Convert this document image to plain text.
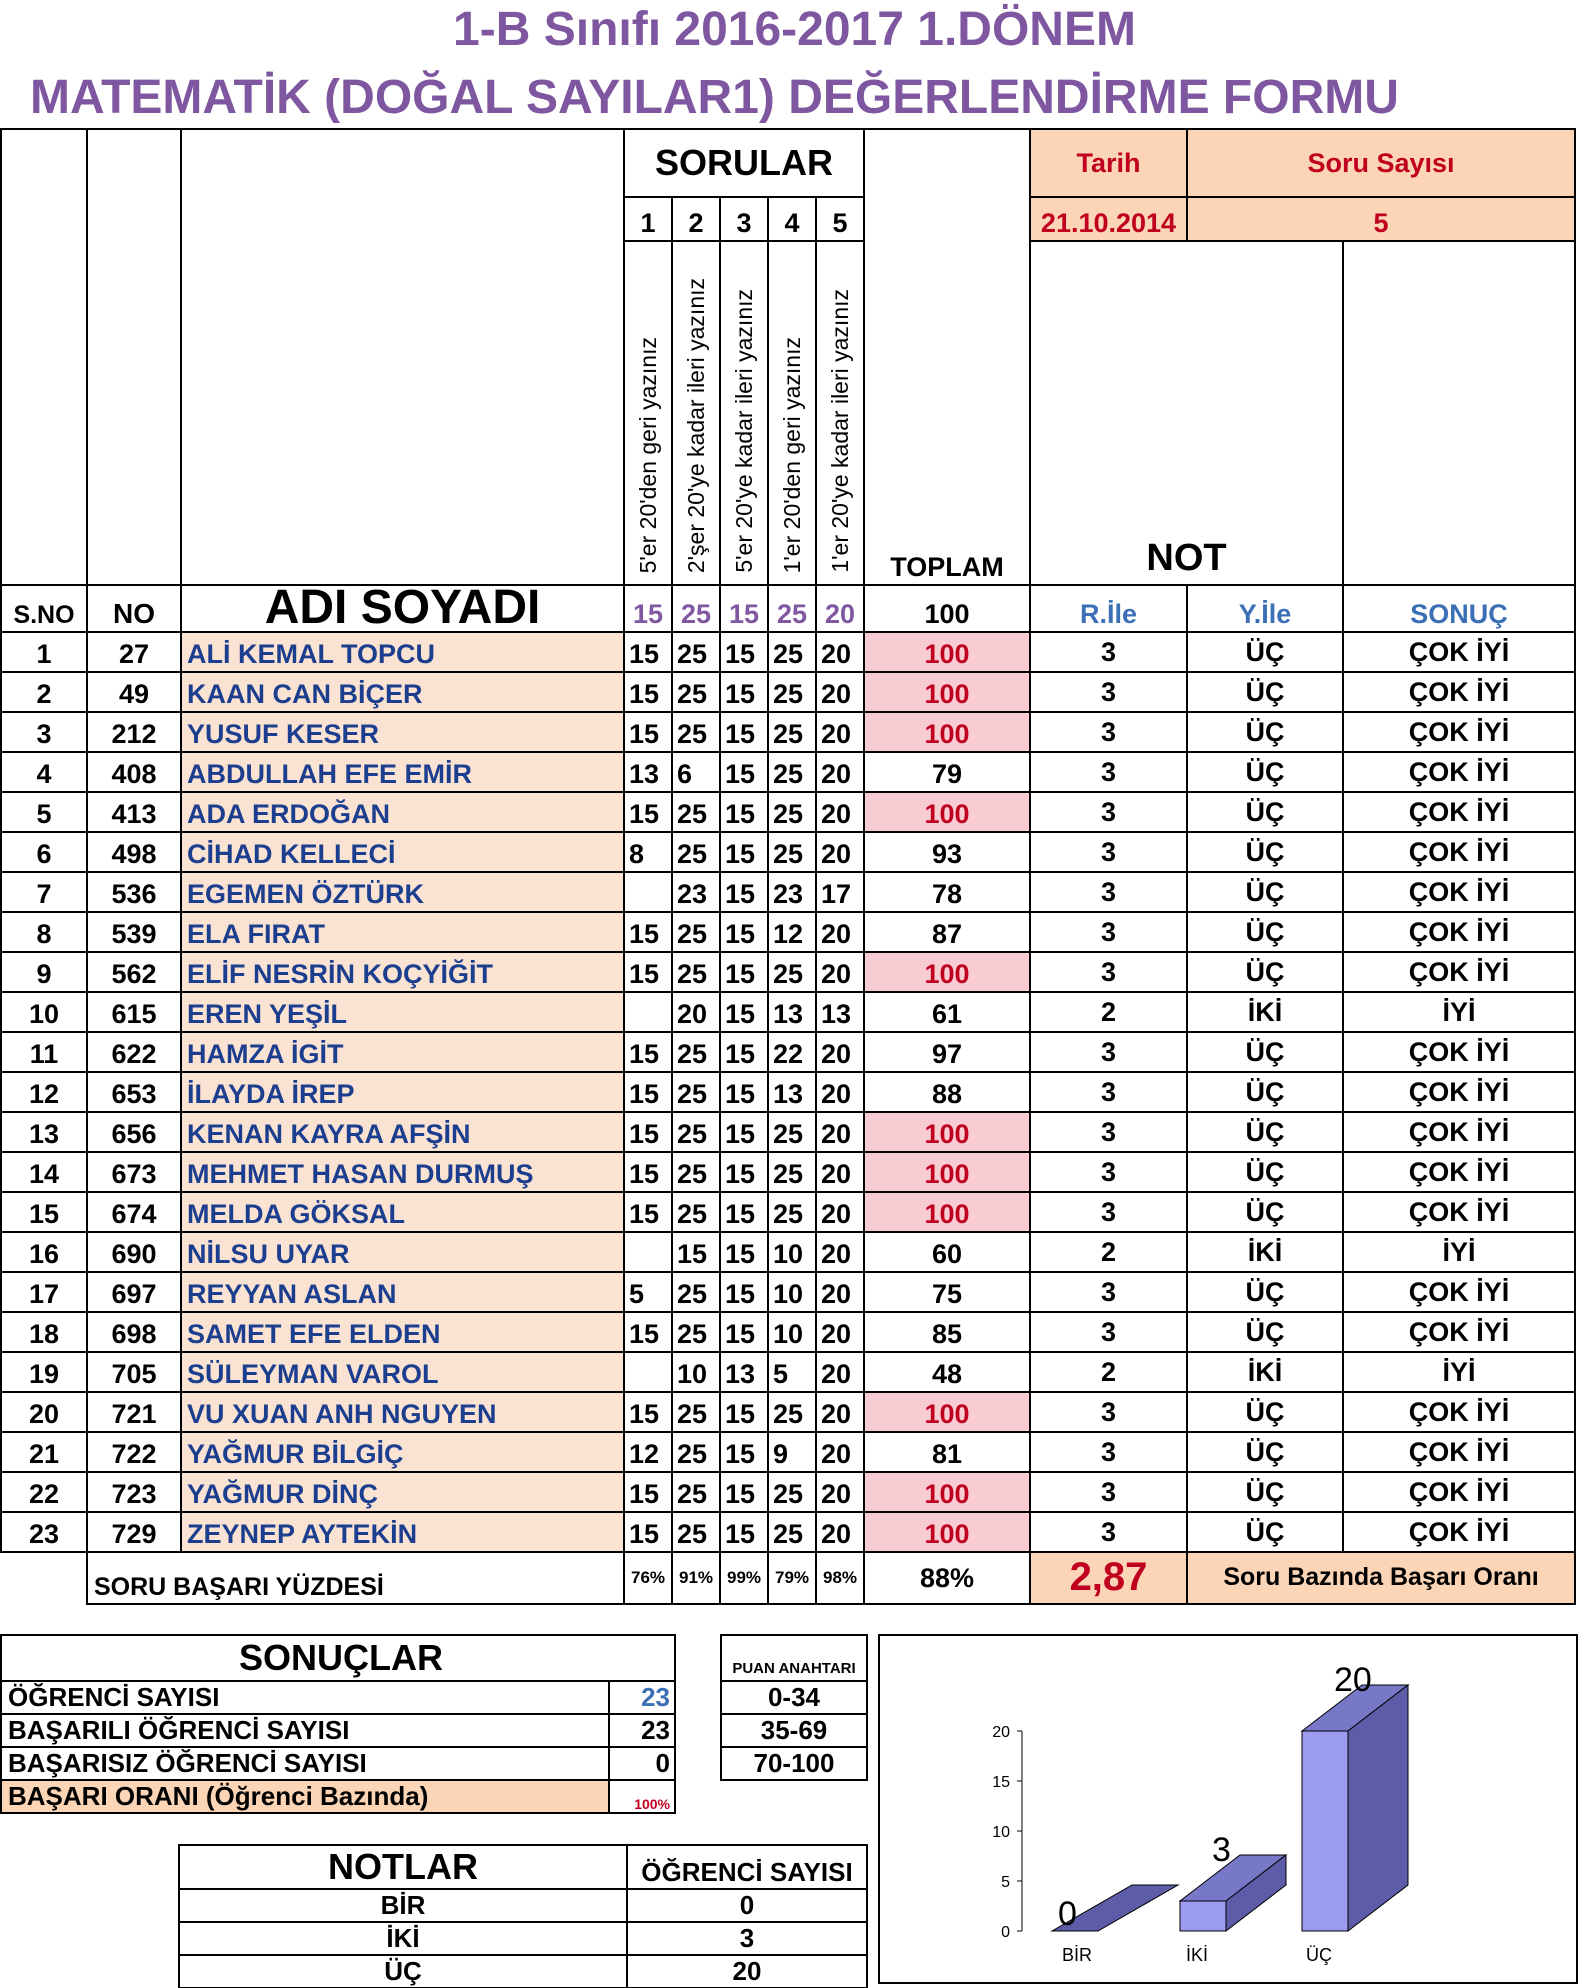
1-B Sınıfı 2016-2017 1.DÖNEM
MATEMATİK (DOĞAL SAYILAR1) DEĞERLENDİRME FORMU
			SORULAR					TOPLAM	Tarih	Soru Sayısı	
			1	2	3	4	5		21.10.2014	5	
			5'er 20'den geri yazınız	2'şer 20'ye kadar ileri yazınız	5'er 20'ye kadar ileri yazınız	1'er 20'den geri yazınız	1'er 20'ye kadar ileri yazınız		NOT		
S.NO	NO	ADI SOYADI	15	25	15	25	20	100	R.İle	Y.İle	SONUÇ
1	27	ALİ KEMAL TOPCU	15	25	15	25	20	100	3	ÜÇ	ÇOK İYİ
2	49	KAAN CAN BİÇER	15	25	15	25	20	100	3	ÜÇ	ÇOK İYİ
3	212	YUSUF KESER	15	25	15	25	20	100	3	ÜÇ	ÇOK İYİ
4	408	ABDULLAH EFE EMİR	13	6	15	25	20	79	3	ÜÇ	ÇOK İYİ
5	413	ADA ERDOĞAN	15	25	15	25	20	100	3	ÜÇ	ÇOK İYİ
6	498	CİHAD KELLECİ	8	25	15	25	20	93	3	ÜÇ	ÇOK İYİ
7	536	EGEMEN ÖZTÜRK		23	15	23	17	78	3	ÜÇ	ÇOK İYİ
8	539	ELA FIRAT	15	25	15	12	20	87	3	ÜÇ	ÇOK İYİ
9	562	ELİF NESRİN KOÇYİĞİT	15	25	15	25	20	100	3	ÜÇ	ÇOK İYİ
10	615	EREN YEŞİL		20	15	13	13	61	2	İKİ	İYİ
11	622	HAMZA İGİT	15	25	15	22	20	97	3	ÜÇ	ÇOK İYİ
12	653	İLAYDA İREP	15	25	15	13	20	88	3	ÜÇ	ÇOK İYİ
13	656	KENAN KAYRA AFŞİN	15	25	15	25	20	100	3	ÜÇ	ÇOK İYİ
14	673	MEHMET HASAN DURMUŞ	15	25	15	25	20	100	3	ÜÇ	ÇOK İYİ
15	674	MELDA GÖKSAL	15	25	15	25	20	100	3	ÜÇ	ÇOK İYİ
16	690	NİLSU UYAR		15	15	10	20	60	2	İKİ	İYİ
17	697	REYYAN ASLAN	5	25	15	10	20	75	3	ÜÇ	ÇOK İYİ
18	698	SAMET EFE ELDEN	15	25	15	10	20	85	3	ÜÇ	ÇOK İYİ
19	705	SÜLEYMAN VAROL		10	13	5	20	48	2	İKİ	İYİ
20	721	VU XUAN ANH NGUYEN	15	25	15	25	20	100	3	ÜÇ	ÇOK İYİ
21	722	YAĞMUR BİLGİÇ	12	25	15	9	20	81	3	ÜÇ	ÇOK İYİ
22	723	YAĞMUR DİNÇ	15	25	15	25	20	100	3	ÜÇ	ÇOK İYİ
23	729	ZEYNEP AYTEKİN	15	25	15	25	20	100	3	ÜÇ	ÇOK İYİ
	SORU BAŞARI YÜZDESİ		76%	91%	99%	79%	98%	88%	2,87	Soru Bazında Başarı Oranı	
SONUÇLAR	
ÖĞRENCİ SAYISI	23
BAŞARILI ÖĞRENCİ SAYISI	23
BAŞARISIZ ÖĞRENCİ SAYISI	0
BAŞARI ORANI (Öğrenci Bazında)	100%
PUAN ANAHTARI
0-34
35-69
70-100
NOTLAR	ÖĞRENCİ SAYISI
BİR	0
İKİ	3
ÜÇ	20
0
5
10
15
20
0
BİR
3
İKİ
20
ÜÇ
